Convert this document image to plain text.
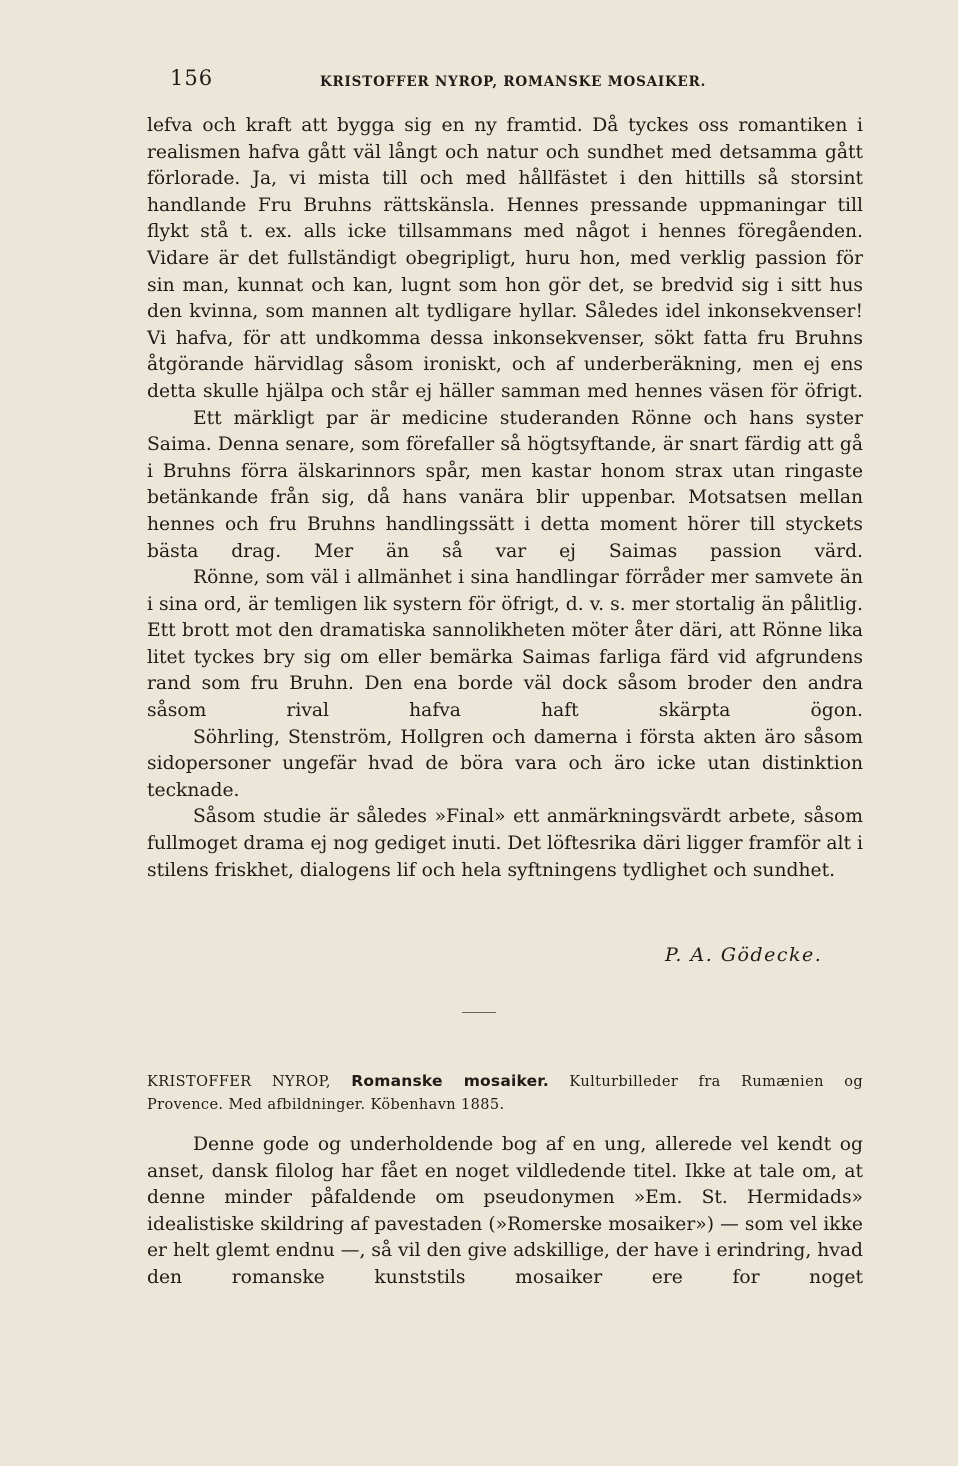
156	KRISTOFFER NYROP, ROMANSKE MOSAIKER.

lefva och kraft att bygga sig en ny framtid. Då tyckes oss romantiken i realismen hafva gått väl långt och natur och sundhet med detsamma gått förlorade. Ja, vi mista till och med hållfästet i den hittills så storsint handlande Fru Bruhns rättskänsla. Hennes pressande uppmaningar till flykt stå t. ex. alls icke tillsammans med något i hennes föregåenden. Vidare är det fullständigt obegripligt, huru hon, med verklig passion för sin man, kunnat och kan, lugnt som hon gör det, se bredvid sig i sitt hus den kvinna, som mannen alt tydligare hyllar. Således idel inkonsekvenser! Vi hafva, för att undkomma dessa inkonsekvenser, sökt fatta fru Bruhns åtgörande härvidlag såsom ironiskt, och af underberäkning, men ej ens detta skulle hjälpa och står ej häller samman med hennes väsen för öfrigt.

Ett märkligt par är medicine studeranden Rönne och hans syster Saima. Denna senare, som förefaller så högtsyftande, är snart färdig att gå i Bruhns förra älskarinnors spår, men kastar honom strax utan ringaste betänkande från sig, då hans vanära blir uppenbar. Motsatsen mellan hennes och fru Bruhns handlingssätt i detta moment hörer till styckets bästa drag. Mer än så var ej Saimas passion värd.

Rönne, som väl i allmänhet i sina handlingar förråder mer samvete än i sina ord, är temligen lik systern för öfrigt, d. v. s. mer stortalig än pålitlig. Ett brott mot den dramatiska sannolikheten möter åter däri, att Rönne lika litet tyckes bry sig om eller bemärka Saimas farliga färd vid afgrundens rand som fru Bruhn. Den ena borde väl dock såsom broder den andra såsom rival hafva haft skärpta ögon.

Söhrling, Stenström, Hollgren och damerna i första akten äro såsom sidopersoner ungefär hvad de böra vara och äro icke utan distinktion tecknade.

Såsom studie är således »Final» ett anmärkningsvärdt arbete, såsom fullmoget drama ej nog gediget inuti. Det löftesrika däri ligger framför alt i stilens friskhet, dialogens lif och hela syftningens tydlighet och sundhet.

P. A. Gödecke.
KRISTOFFER NYROP, Romanske mosaiker. Kulturbilleder fra Rumænien og
Provence. Med afbildninger. Köbenhavn 1885.

Denne gode og underholdende bog af en ung, allerede vel kendt og anset, dansk filolog har fået en noget vildledende titel. Ikke at tale om, at denne minder påfaldende om pseudonymen »Em. St. Hermidads» idealistiske skildring af pavestaden (»Romerske mosaiker») — som vel ikke er helt glemt endnu —, så vil den give adskillige, der have i erindring, hvad den romanske kunststils mosaiker ere for noget
